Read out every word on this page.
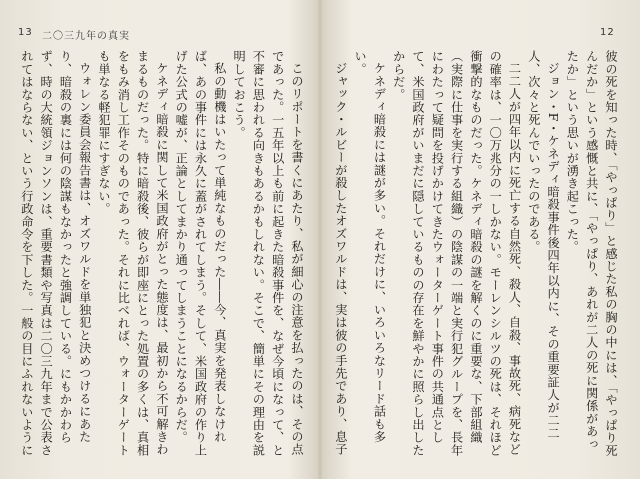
13 二〇三九年の真実

このリポートを書くにあたり、私が細心の注意を払ったのは、その点であった。一五年以上も前に起きた暗殺事件を、なぜ今頃になって、と不審に思われる向きもあるかもしれない。そこで、簡単にその理由を説明しておこう。

私の動機はいたって単純なものだった――今、真実を発表しなければ、あの事件には永久に蓋がされてしまう。そして、米国政府の作り上げた公式の嘘が、正論としてまかり通ってしまうことになるからだ。

ケネディ暗殺に関して米国政府がとった態度は、最初から不可解きわまるものだった。特に暗殺後、彼らが即座にとった処置の多くは、真相をもみ消し工作そのものであった。それに比べれば、ウォーターゲートも単なる軽犯罪にすぎない。

ウォレン委員会報告書は、オズワルドを単独犯と決めつけるにあたり、暗殺の裏には何の陰謀もなかったと強調している。にもかかわらず、時の大統領ジョンソンは、重要書類や写真は二〇三九年まで公表されてはならない、という行政命令を下した。一般の目にふれないように

12

彼の死を知った時、「やっぱり」と感じた私の胸の中には、「やっぱり死んだか」という感慨と共に、「やっぱり、あれが二人の死に関係があったか」という思いが湧き起こった。

ジョン・F・ケネディ暗殺事件後四年以内に、その重要証人が二二人、次々と死んでいったのである。

二二人が四年以内に死亡する自然死、殺人、自殺、事故死、病死などの確率は、一〇万兆分の一しかない。モーレンシルツの死は、それほど衝撃的なものだった。ケネディ暗殺の謎を解くのに重要な、下部組織（実際に仕事を実行する組織）の陰謀の一端と実行犯グループを、長年にわたって疑問を投げかけてきたウォーターゲート事件の共通点として、米国政府がいまだに隠しているものの存在を鮮やかに照らし出したからだ。

ケネディ暗殺には謎が多い。それだけに、いろいろなリード話も多い。

ジャック・ルビーが殺したオズワルドは、実は彼の手先であり、息子
